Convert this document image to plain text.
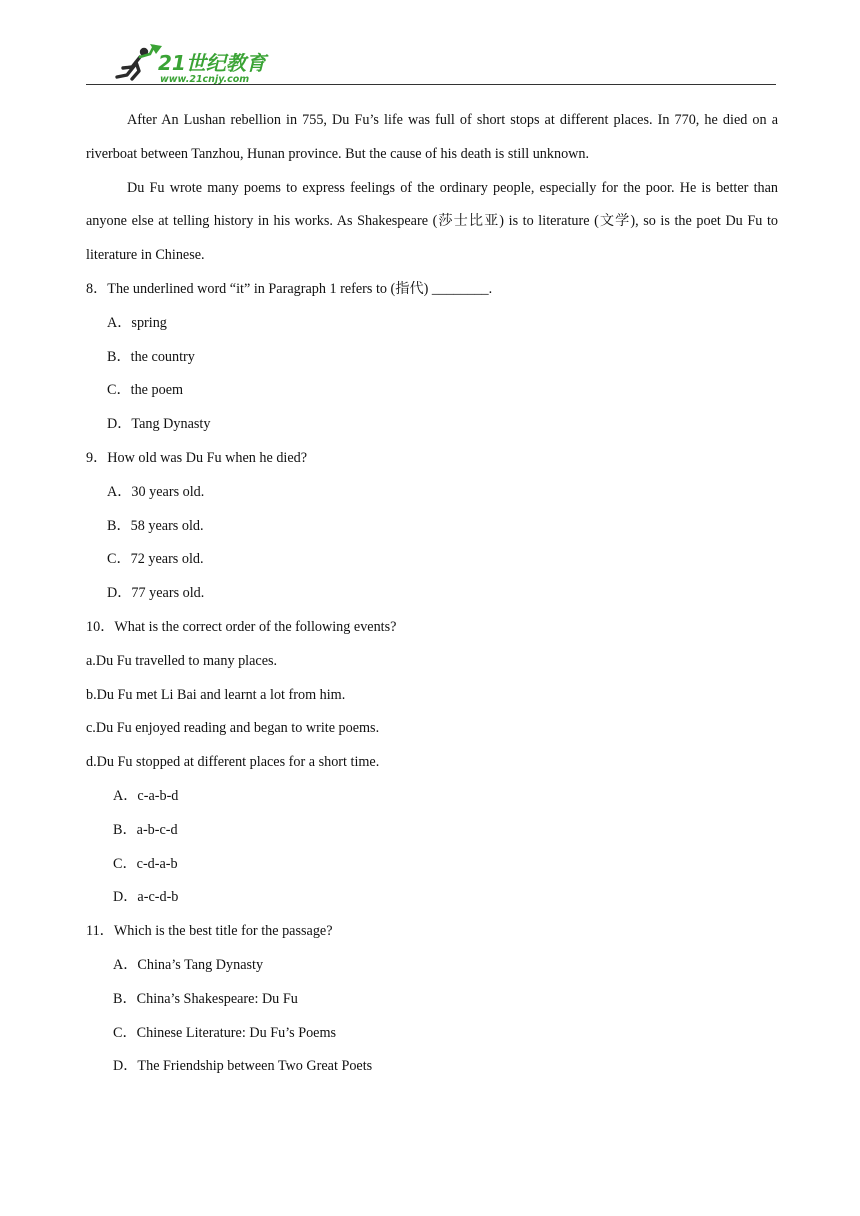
21世纪教育
www.21cnjy.com

After An Lushan rebellion in 755, Du Fu’s life was full of short stops at different places. In 770, he died on a riverboat between Tanzhou, Hunan province. But the cause of his death is still unknown.

Du Fu wrote many poems to express feelings of the ordinary people, especially for the poor. He is better than anyone else at telling history in his works. As Shakespeare (莎士比亚) is to literature (文学), so is the poet Du Fu to literature in Chinese.

8．The underlined word “it” in Paragraph 1 refers to (指代) ________.
A．spring
B．the country
C．the poem
D．Tang Dynasty
9．How old was Du Fu when he died?
A．30 years old.
B．58 years old.
C．72 years old.
D．77 years old.
10．What is the correct order of the following events?
a.Du Fu travelled to many places.
b.Du Fu met Li Bai and learnt a lot from him.
c.Du Fu enjoyed reading and began to write poems.
d.Du Fu stopped at different places for a short time.
A．c-a-b-d
B．a-b-c-d
C．c-d-a-b
D．a-c-d-b
11．Which is the best title for the passage?
A．China’s Tang Dynasty
B．China’s Shakespeare: Du Fu
C．Chinese Literature: Du Fu’s Poems
D．The Friendship between Two Great Poets
